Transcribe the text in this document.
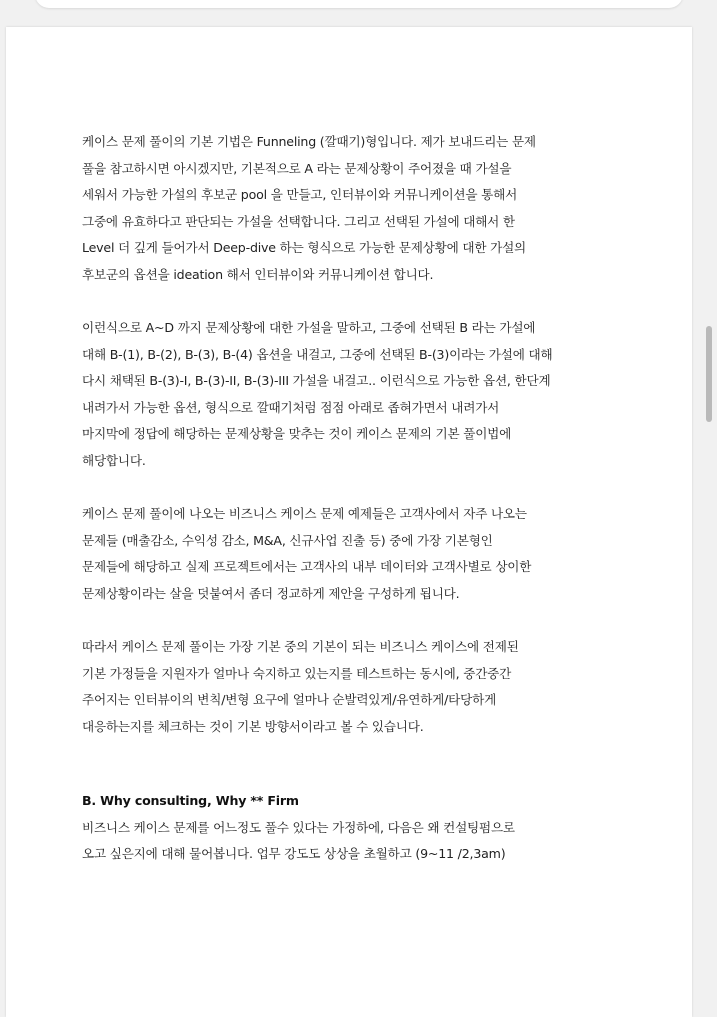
케이스 문제 풀이의 기본 기법은 Funneling (깔때기)형입니다. 제가 보내드리는 문제
풀을 참고하시면 아시겠지만, 기본적으로 A 라는 문제상황이 주어졌을 때 가설을
세워서 가능한 가설의 후보군 pool 을 만들고, 인터뷰이와 커뮤니케이션을 통해서
그중에 유효하다고 판단되는 가설을 선택합니다. 그리고 선택된 가설에 대해서 한
Level 더 깊게 들어가서 Deep-dive 하는 형식으로 가능한 문제상황에 대한 가설의
후보군의 옵션을 ideation 해서 인터뷰이와 커뮤니케이션 합니다.
이런식으로 A~D 까지 문제상황에 대한 가설을 말하고, 그중에 선택된 B 라는 가설에
대해 B-(1), B-(2), B-(3), B-(4) 옵션을 내걸고, 그중에 선택된 B-(3)이라는 가설에 대해
다시 채택된 B-(3)-I, B-(3)-II, B-(3)-III 가설을 내걸고.. 이런식으로 가능한 옵션, 한단계
내려가서 가능한 옵션, 형식으로 깔때기처럼 점점 아래로 좁혀가면서 내려가서
마지막에 정답에 해당하는 문제상황을 맞추는 것이 케이스 문제의 기본 풀이법에
해당합니다.
케이스 문제 풀이에 나오는 비즈니스 케이스 문제 예제들은 고객사에서 자주 나오는
문제들 (매출감소, 수익성 감소, M&A, 신규사업 진출 등) 중에 가장 기본형인
문제들에 해당하고 실제 프로젝트에서는 고객사의 내부 데이터와 고객사별로 상이한
문제상황이라는 살을 덧붙여서 좀더 정교하게 제안을 구성하게 됩니다.
따라서 케이스 문제 풀이는 가장 기본 중의 기본이 되는 비즈니스 케이스에 전제된
기본 가정들을 지원자가 얼마나 숙지하고 있는지를 테스트하는 동시에, 중간중간
주어지는 인터뷰이의 변칙/변형 요구에 얼마나 순발력있게/유연하게/타당하게
대응하는지를 체크하는 것이 기본 방향서이라고 볼 수 있습니다.
B. Why consulting, Why ** Firm
비즈니스 케이스 문제를 어느정도 풀수 있다는 가정하에, 다음은 왜 컨설팅펌으로
오고 싶은지에 대해 물어봅니다. 업무 강도도 상상을 초월하고 (9~11 /2,3am)
